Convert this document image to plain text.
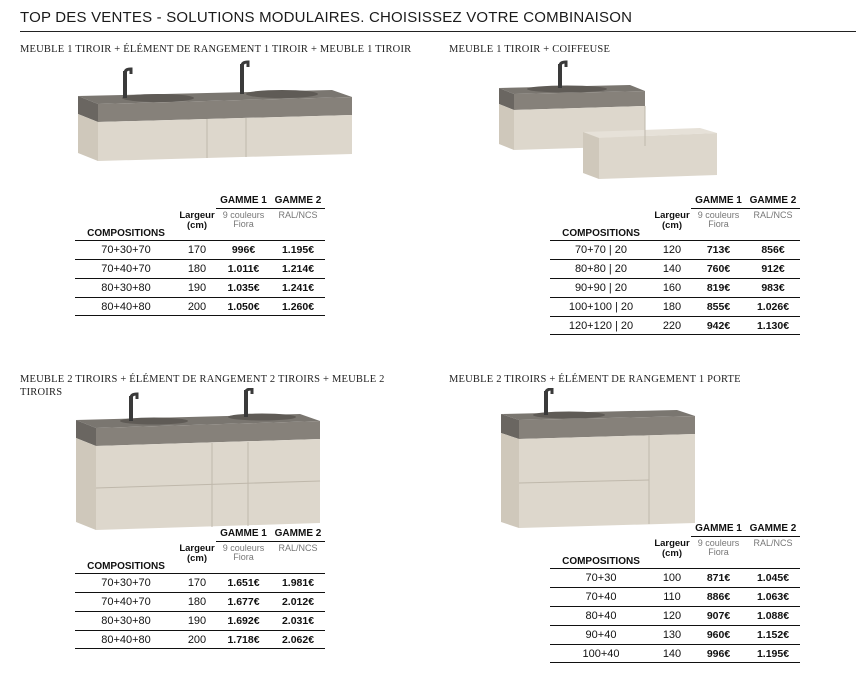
TOP DES VENTES - SOLUTIONS MODULAIRES. CHOISISSEZ VOTRE COMBINAISON
MEUBLE 1 TIROIR + ÉLÉMENT DE RANGEMENT 1 TIROIR + MEUBLE 1 TIROIR
GAMME 1 GAMME 2
COMPOSITIONS
Largeur
(cm)
9 couleurs
Fiora
RAL/NCS
70+30+70	170	996€	1.195€
70+40+70	180	1.011€	1.214€
80+30+80	190	1.035€	1.241€
80+40+80	200	1.050€	1.260€
MEUBLE 1 TIROIR + COIFFEUSE
GAMME 1 GAMME 2
COMPOSITIONS
Largeur
(cm)
9 couleurs
Fiora
RAL/NCS
70+70 | 20	120	713€	856€
80+80 | 20	140	760€	912€
90+90 | 20	160	819€	983€
100+100 | 20	180	855€	1.026€
120+120 | 20	220	942€	1.130€
MEUBLE 2 TIROIRS + ÉLÉMENT DE RANGEMENT 2 TIROIRS + MEUBLE 2 TIROIRS
GAMME 1 GAMME 2
COMPOSITIONS
Largeur
(cm)
9 couleurs
Fiora
RAL/NCS
70+30+70	170	1.651€	1.981€
70+40+70	180	1.677€	2.012€
80+30+80	190	1.692€	2.031€
80+40+80	200	1.718€	2.062€
MEUBLE 2 TIROIRS + ÉLÉMENT DE RANGEMENT 1 PORTE
GAMME 1 GAMME 2
COMPOSITIONS
Largeur
(cm)
9 couleurs
Fiora
RAL/NCS
70+30	100	871€	1.045€
70+40	110	886€	1.063€
80+40	120	907€	1.088€
90+40	130	960€	1.152€
100+40	140	996€	1.195€
